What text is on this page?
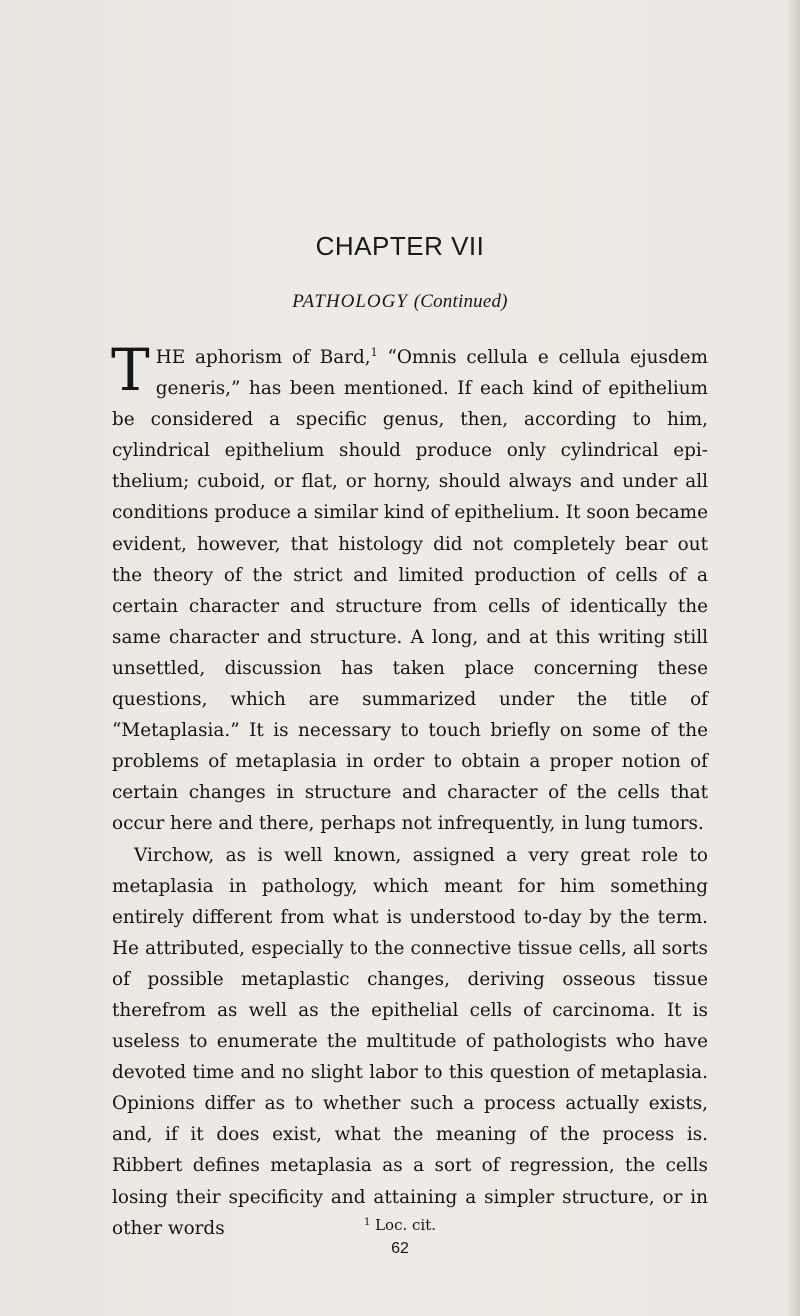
CHAPTER VII
PATHOLOGY (Continued)

THE aphorism of Bard,$^1$ “Omnis cellula e cellula ejusdem generis,” has been mentioned. If each kind of epithelium be considered a specific genus, then, according to him, cylindrical epithelium should produce only cylindrical epithelium; cuboid, or flat, or horny, should always and under all conditions produce a similar kind of epithelium. It soon became evident, however, that histology did not completely bear out the theory of the strict and limited production of cells of a certain character and structure from cells of identically the same character and structure. A long, and at this writing still unsettled, discussion has taken place concerning these questions, which are summarized under the title of “Metaplasia.” It is necessary to touch briefly on some of the problems of metaplasia in order to obtain a proper notion of certain changes in structure and character of the cells that occur here and there, perhaps not infrequently, in lung tumors.

Virchow, as is well known, assigned a very great role to metaplasia in pathology, which meant for him something entirely different from what is understood to-day by the term. He attributed, especially to the connective tissue cells, all sorts of possible metaplastic changes, deriving osseous tissue therefrom as well as the epithelial cells of carcinoma. It is useless to enumerate the multitude of pathologists who have devoted time and no slight labor to this question of metaplasia. Opinions differ as to whether such a process actually exists, and, if it does exist, what the meaning of the process is. Ribbert defines metaplasia as a sort of regression, the cells losing their specificity and attaining a simpler structure, or in other words	$^1$ Loc. cit.
62
